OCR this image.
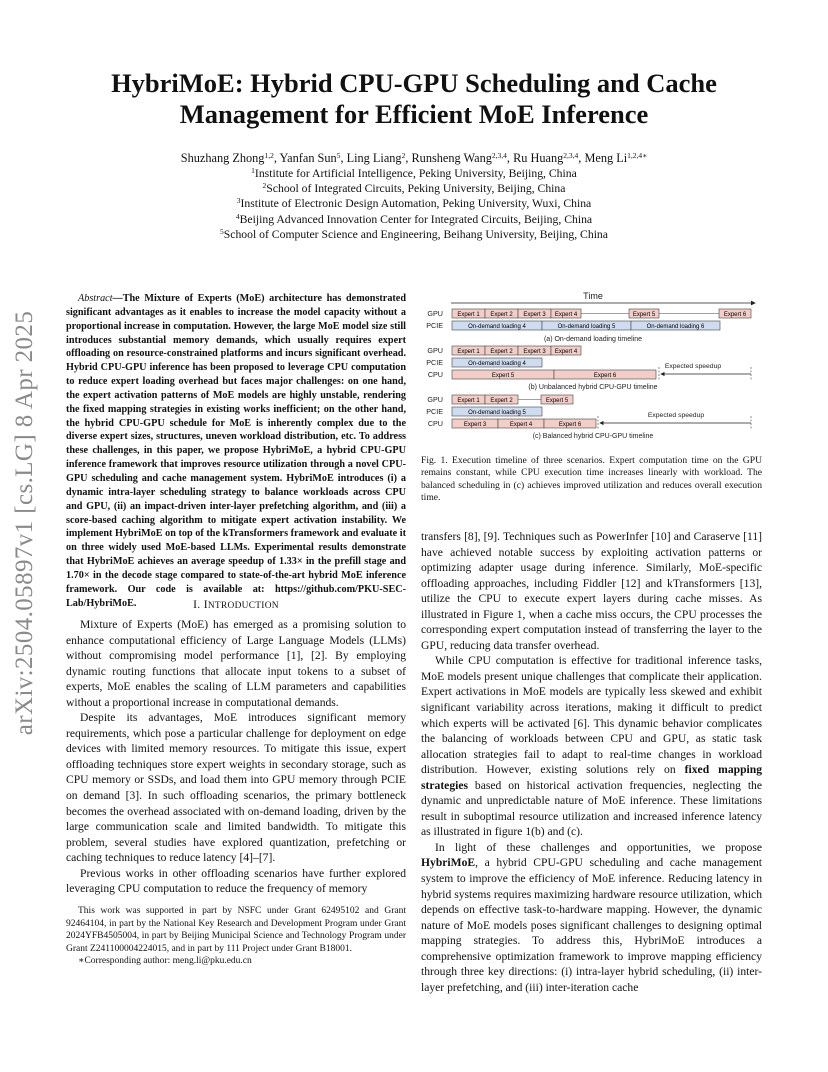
arXiv:2504.05897v1 [cs.LG] 8 Apr 2025
HybriMoE: Hybrid CPU-GPU Scheduling and Cache
Management for Efficient MoE Inference
Shuzhang Zhong$^{1,2}$, Yanfan Sun$^5$, Ling Liang$^2$, Runsheng Wang$^{2,3,4}$, Ru Huang$^{2,3,4}$, Meng $Li^{1,2,4∗}$
$^1$Institute for Artificial Intelligence, Peking University, Beijing, China
$^2$School of Integrated Circuits, Peking University, Beijing, China
$^3$Institute of Electronic Design Automation, Peking University, Wuxi, China
$^4$Beijing Advanced Innovation Center for Integrated Circuits, Beijing, China
$^5$School of Computer Science and Engineering, Beihang University, Beijing, China
Abstract—The Mixture of Experts (MoE) architecture has demonstrated significant advantages as it enables to increase the model capacity without a proportional increase in computation. However, the large MoE model size still introduces substantial memory demands, which usually requires expert offloading on resource-constrained platforms and incurs significant overhead. Hybrid CPU-GPU inference has been proposed to leverage CPU computation to reduce expert loading overhead but faces major challenges: on one hand, the expert activation patterns of MoE models are highly unstable, rendering the fixed mapping strategies in existing works inefficient; on the other hand, the hybrid CPU-GPU schedule for MoE is inherently complex due to the diverse expert sizes, structures, uneven workload distribution, etc. To address these challenges, in this paper, we propose HybriMoE, a hybrid CPU-GPU inference framework that improves resource utilization through a novel CPU-GPU scheduling and cache management system. HybriMoE introduces (i) a dynamic intra-layer scheduling strategy to balance workloads across CPU and GPU, (ii) an impact-driven inter-layer prefetching algorithm, and (iii) a score-based caching algorithm to mitigate expert activation instability. We implement HybriMoE on top of the kTransformers framework and evaluate it on three widely used MoE-based LLMs. Experimental results demonstrate that HybriMoE achieves an average speedup of 1.33× in the prefill stage and 1.70× in the decode stage compared to state-of-the-art hybrid MoE inference framework. Our code is available at: https://github.com/PKU-SEC-Lab/HybriMoE.	I. INTRODUCTION

Mixture of Experts (MoE) has emerged as a promising solution to enhance computational efficiency of Large Language Models (LLMs) without compromising model performance [1], [2]. By employing dynamic routing functions that allocate input tokens to a subset of experts, MoE enables the scaling of LLM parameters and capabilities without a proportional increase in computational demands.

Despite its advantages, MoE introduces significant memory requirements, which pose a particular challenge for deployment on edge devices with limited memory resources. To mitigate this issue, expert offloading techniques store expert weights in secondary storage, such as CPU memory or SSDs, and load them into GPU memory through PCIE on demand [3]. In such offloading scenarios, the primary bottleneck becomes the overhead associated with on-demand loading, driven by the large communication scale and limited bandwidth. To mitigate this problem, several studies have explored quantization, prefetching or caching techniques to reduce latency [4]–[7].

Previous works in other offloading scenarios have further explored leveraging CPU computation to reduce the frequency of memory

This work was supported in part by NSFC under Grant 62495102 and Grant 92464104, in part by the National Key Research and Development Program under Grant 2024YFB4505004, in part by Beijing Municipal Science and Technology Program under Grant Z241100004224015, and in part by 111 Project under Grant B18001.

∗Corresponding author: meng.li@pku.edu.cn

Time
GPU
PCIE
Expert 1 Expert 2 Expert 3 Expert 4	Expert 5	Expert 6
On-demand loading 4	On-demand loading 5	On-demand loading 6
(a) On-demand loading timeline
GPU
PCIE
CPU
Expert 1 Expert 2 Expert 3 Expert 4
On-demand loading 4
Expert 5	Expert 6
Expected speedup
(b) Unbalanced hybrid CPU-GPU timeline
GPU
PCIE
CPU
Expert 1 Expert 2	Expert 5
On-demand loading 5
Expert 3	Expert 4	Expert 6
Expected speedup
(c) Balanced hybrid CPU-GPU timeline
Fig. 1. Execution timeline of three scenarios. Expert computation time on the GPU remains constant, while CPU execution time increases linearly with workload. The balanced scheduling in (c) achieves improved utilization and reduces overall execution time.

transfers [8], [9]. Techniques such as PowerInfer [10] and Caraserve [11] have achieved notable success by exploiting activation patterns or optimizing adapter usage during inference. Similarly, MoE-specific offloading approaches, including Fiddler [12] and kTransformers [13], utilize the CPU to execute expert layers during cache misses. As illustrated in Figure 1, when a cache miss occurs, the CPU processes the corresponding expert computation instead of transferring the layer to the GPU, reducing data transfer overhead.

While CPU computation is effective for traditional inference tasks, MoE models present unique challenges that complicate their application. Expert activations in MoE models are typically less skewed and exhibit significant variability across iterations, making it difficult to predict which experts will be activated [6]. This dynamic behavior complicates the balancing of workloads between CPU and GPU, as static task allocation strategies fail to adapt to real-time changes in workload distribution. However, existing solutions rely on fixed mapping strategies based on historical activation frequencies, neglecting the dynamic and unpredictable nature of MoE inference. These limitations result in suboptimal resource utilization and increased inference latency as illustrated in figure 1(b) and (c).

In light of these challenges and opportunities, we propose HybriMoE, a hybrid CPU-GPU scheduling and cache management system to improve the efficiency of MoE inference. Reducing latency in hybrid systems requires maximizing hardware resource utilization, which depends on effective task-to-hardware mapping. However, the dynamic nature of MoE models poses significant challenges to designing optimal mapping strategies. To address this, HybriMoE introduces a comprehensive optimization framework to improve mapping efficiency through three key directions: (i) intra-layer hybrid scheduling, (ii) inter-layer prefetching, and (iii) inter-iteration cache
